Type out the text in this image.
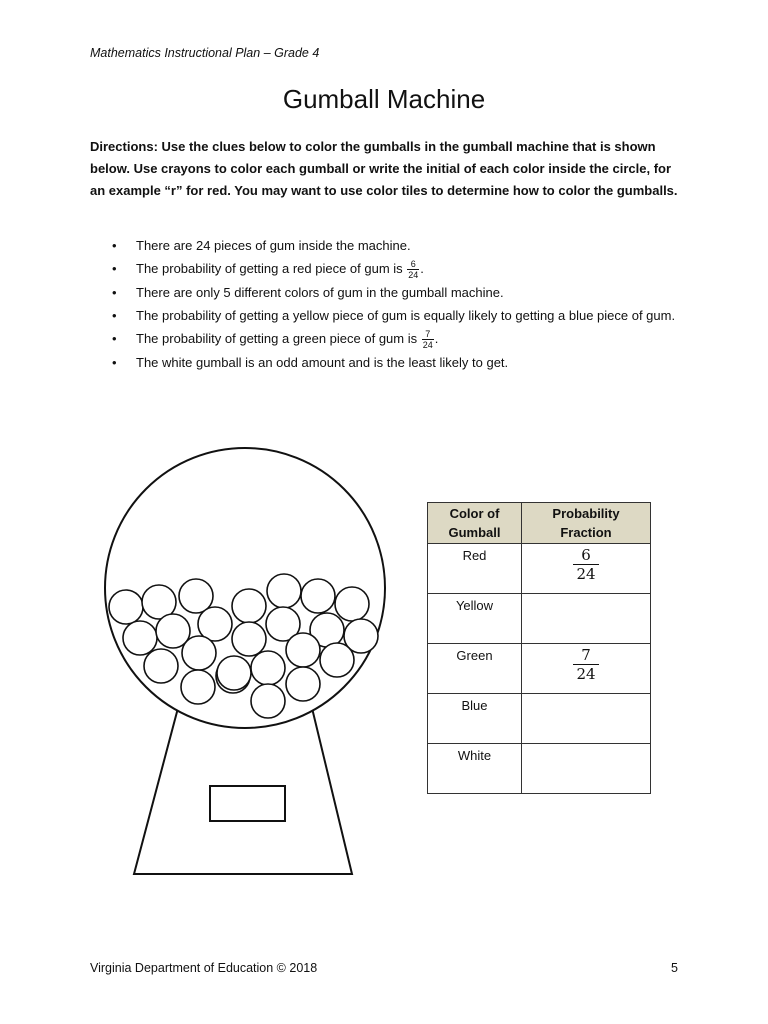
Mathematics Instructional Plan – Grade 4
Gumball Machine
Directions: Use the clues below to color the gumballs in the gumball machine that is shown below. Use crayons to color each gumball or write the initial of each color inside the circle, for an example “r” for red. You may want to use color tiles to determine how to color the gumballs.
• There are 24 pieces of gum inside the machine.
• The probability of getting a red piece of gum is $\frac{6}{24}$ .
• There are only 5 different colors of gum in the gumball machine.
• The probability of getting a yellow piece of gum is equally likely to getting a blue piece of gum.
• The probability of getting a green piece of gum is $\frac{7}{24}$ .
• The white gumball is an odd amount and is the least likely to get.
Color of Gumball	Probability Fraction
Red	$\frac{6}{24}$

Yellow	
Green	$\frac{7}{24}$

Blue	
White	
Virginia Department of Education © 2018	5
